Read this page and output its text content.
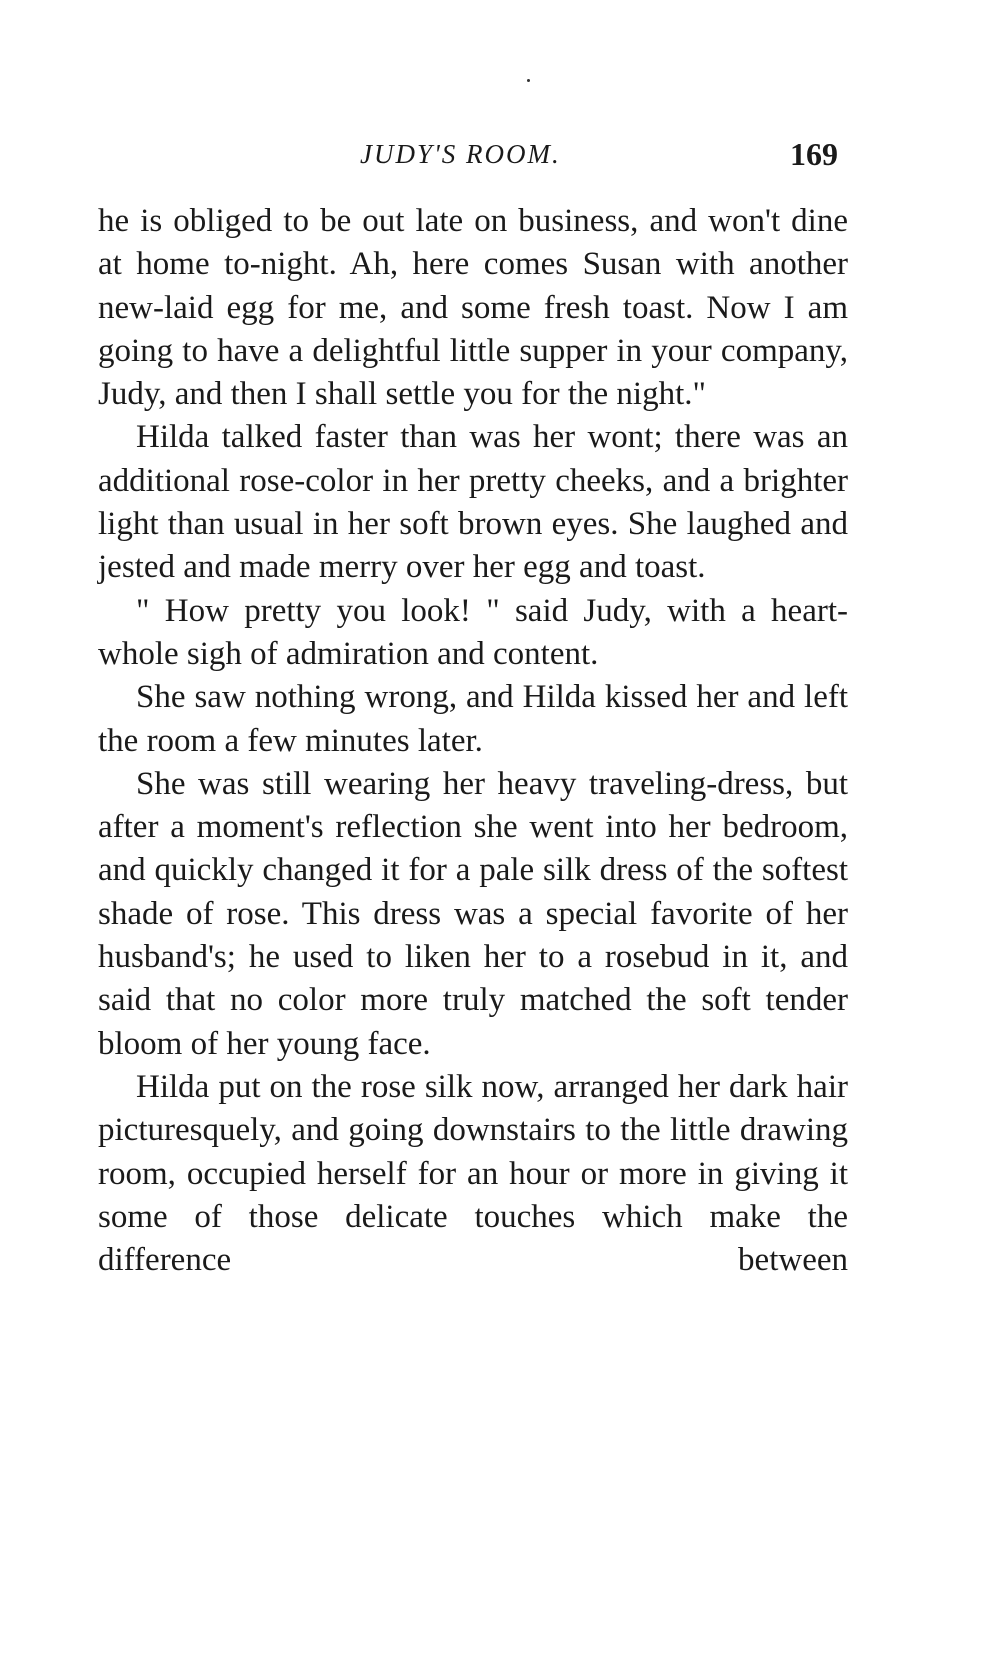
JUDY'S ROOM.	169

he is obliged to be out late on business, and won't dine at home to-night. Ah, here comes Susan with another new-laid egg for me, and some fresh toast. Now I am going to have a delightful little supper in your company, Judy, and then I shall settle you for the night."

Hilda talked faster than was her wont; there was an additional rose-color in her pretty cheeks, and a brighter light than usual in her soft brown eyes. She laughed and jested and made merry over her egg and toast.

" How pretty you look! " said Judy, with a heart-whole sigh of admiration and content.

She saw nothing wrong, and Hilda kissed her and left the room a few minutes later.

She was still wearing her heavy traveling-dress, but after a moment's reflection she went into her bedroom, and quickly changed it for a pale silk dress of the softest shade of rose. This dress was a special favorite of her husband's; he used to liken her to a rosebud in it, and said that no color more truly matched the soft tender bloom of her young face.

Hilda put on the rose silk now, arranged her dark hair picturesquely, and going downstairs to the little drawing room, occupied herself for an hour or more in giving it some of those delicate touches which make the difference between
